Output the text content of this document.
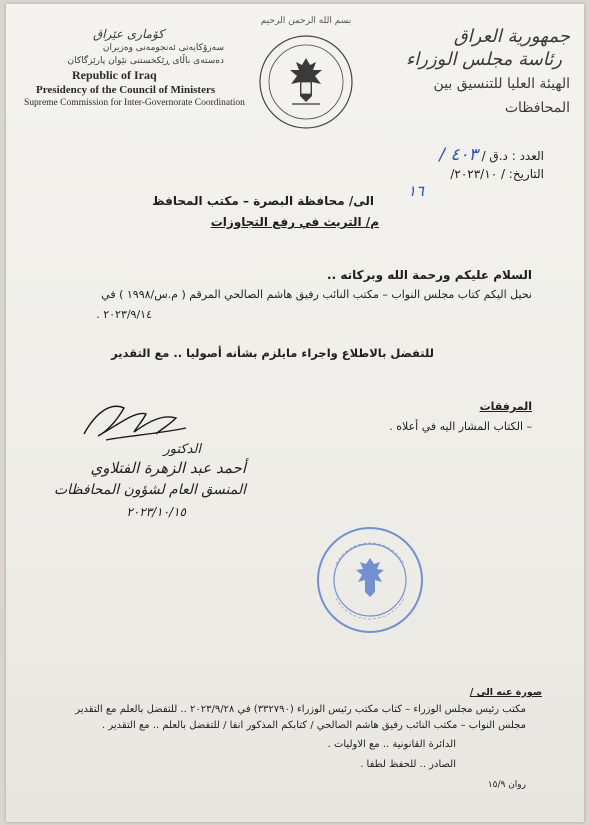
بسم الله الرحمن الرحيم
جمهورية العراق
رئاسة مجلس الوزراء
الهيئة العليا للتنسيق بين المحافظات
كۆماری عێراق
سەرۆکایەتی ئەنجومەنی وەزیران
دەستەی باڵای ڕێکخستنی نێوان پارێزگاکان
Republic of Iraq
Presidency of the Council of Ministers
Supreme Commission for Inter-Governorate Coordination
العدد : د.ق / ٤٠٣ /
التاريخ: / ٢٠٢٣/١٠/
١٦
الى/ محافظة البصرة – مكتب المحافظ
م/ التريث في رفع التجاوزات
السلام عليكم ورحمة الله وبركاته ..
نحيل اليكم كتاب مجلس النواب – مكتب النائب رفيق هاشم الصالحي المرقم ( م.س/١٩٩٨ ) في
٢٠٢٣/٩/١٤ .
للتفضل بالاطلاع واجراء مايلزم بشأنه أصوليا .. مع التقدير
المرفقات
– الكتاب المشار اليه في أعلاه .
الدكتور
أحمد عبد الزهرة الفتلاوي
المنسق العام لشؤون المحافظات
٢٠٢٣/١٠/١٥
صورة عنه الى /
مكتب رئيس مجلس الوزراء – كتاب مكتب رئيس الوزراء (٣٣٢٧٩٠) في ٢٠٢٣/٩/٢٨ .. للتفضل بالعلم مع التقدير
مجلس النواب – مكتب النائب رفيق هاشم الصالحي / كتابكم المذكور انفا / للتفضل بالعلم .. مع التقدير .
الدائرة القانونية .. مع الاوليات .
الصادر .. للحفظ لطفا .
روان ١٥/٩
